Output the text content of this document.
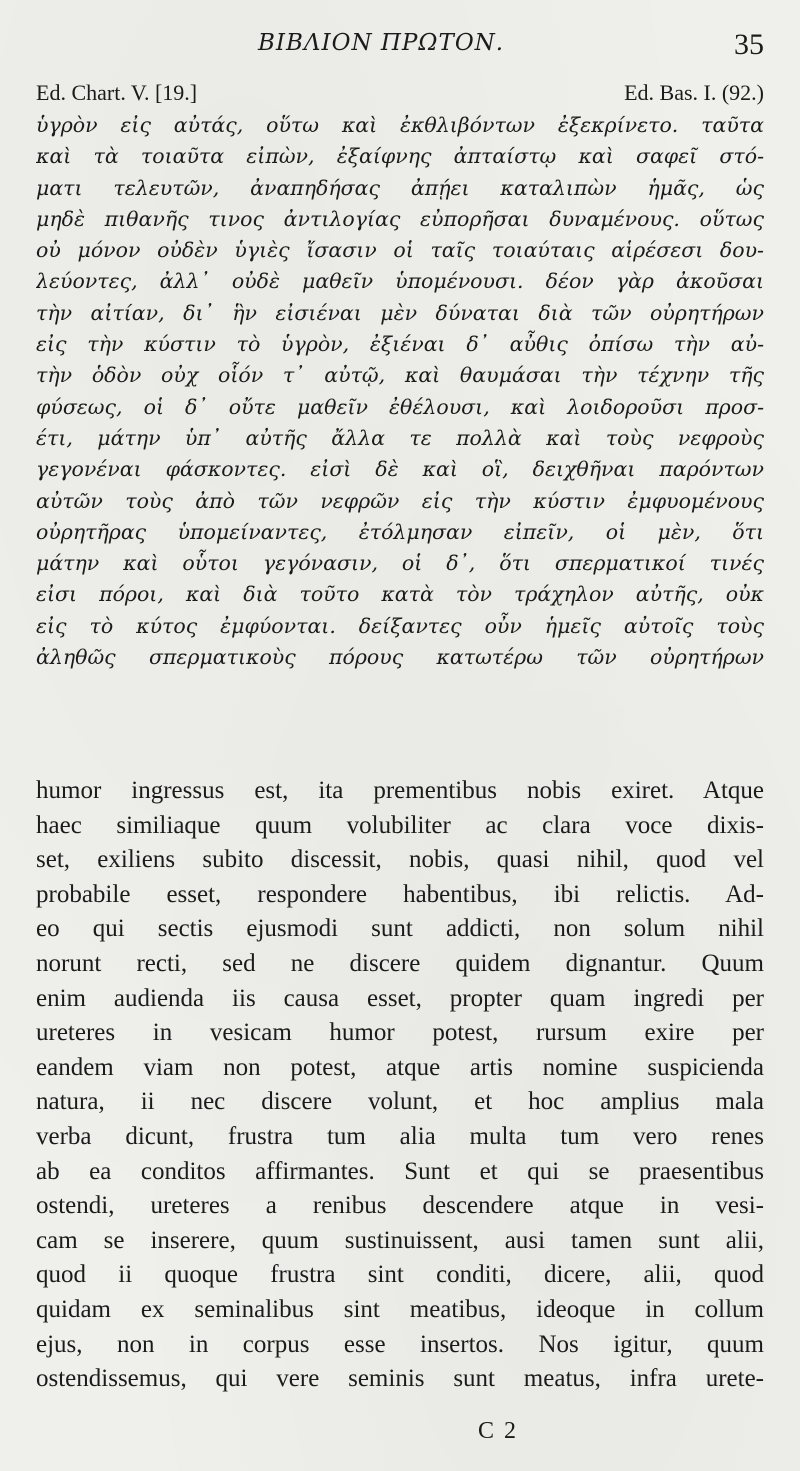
ΒΙΒΛΙΟΝ ΠΡΩΤΟΝ.	35
Ed. Chart. V. [19.]	Ed. Bas. I. (92.)
ὑγρὸν εἰς αὐτάς, οὕτω καὶ ἐκθλιβόντων ἐξεκρίνετο. ταῦτα
καὶ τὰ τοιαῦτα εἰπὼν, ἐξαίφνης ἀπταίστῳ καὶ σαφεῖ στό-
ματι τελευτῶν, ἀναπηδήσας ἀπῄει καταλιπὼν ἡμᾶς, ὡς
μηδὲ πιθανῆς τινος ἀντιλογίας εὐπορῆσαι δυναμένους. οὕτως
οὐ μόνον οὐδὲν ὑγιὲς ἴσασιν οἱ ταῖς τοιαύταις αἱρέσεσι δου-
λεύοντες, ἀλλ᾽ οὐδὲ μαθεῖν ὑπομένουσι. δέον γὰρ ἀκοῦσαι
τὴν αἰτίαν, δι᾽ ἣν εἰσιέναι μὲν δύναται διὰ τῶν οὐρητήρων
εἰς τὴν κύστιν τὸ ὑγρὸν, ἐξιέναι δ᾽ αὖθις ὀπίσω τὴν αὐ-
τὴν ὁδὸν οὐχ οἷόν τ᾽ αὐτῷ, καὶ θαυμάσαι τὴν τέχνην τῆς
φύσεως, οἱ δ᾽ οὔτε μαθεῖν ἐθέλουσι, καὶ λοιδοροῦσι προσ-
έτι, μάτην ὑπ᾽ αὐτῆς ἄλλα τε πολλὰ καὶ τοὺς νεφροὺς
γεγονέναι φάσκοντες. εἰσὶ δὲ καὶ οἳ, δειχθῆναι παρόντων
αὐτῶν τοὺς ἀπὸ τῶν νεφρῶν εἰς τὴν κύστιν ἐμφυομένους
οὐρητῆρας ὑπομείναντες, ἐτόλμησαν εἰπεῖν, οἱ μὲν, ὅτι
μάτην καὶ οὗτοι γεγόνασιν, οἱ δ᾽, ὅτι σπερματικοί τινές
εἰσι πόροι, καὶ διὰ τοῦτο κατὰ τὸν τράχηλον αὐτῆς, οὐκ
εἰς τὸ κύτος ἐμφύονται. δείξαντες οὖν ἡμεῖς αὐτοῖς τοὺς
ἀληθῶς σπερματικοὺς πόρους κατωτέρω τῶν οὐρητήρων
humor ingressus est, ita prementibus nobis exiret. Atque
haec similiaque quum volubiliter ac clara voce dixis-
set, exiliens subito discessit, nobis, quasi nihil, quod vel
probabile esset, respondere habentibus, ibi relictis. Ad-
eo qui sectis ejusmodi sunt addicti, non solum nihil
norunt recti, sed ne discere quidem dignantur. Quum
enim audienda iis causa esset, propter quam ingredi per
ureteres in vesicam humor potest, rursum exire per
eandem viam non potest, atque artis nomine suspicienda
natura, ii nec discere volunt, et hoc amplius mala
verba dicunt, frustra tum alia multa tum vero renes
ab ea conditos affirmantes. Sunt et qui se praesentibus
ostendi, ureteres a renibus descendere atque in vesi-
cam se inserere, quum sustinuissent, ausi tamen sunt alii,
quod ii quoque frustra sint conditi, dicere, alii, quod
quidam ex seminalibus sint meatibus, ideoque in collum
ejus, non in corpus esse insertos. Nos igitur, quum
ostendissemus, qui vere seminis sunt meatus, infra urete-
C 2
